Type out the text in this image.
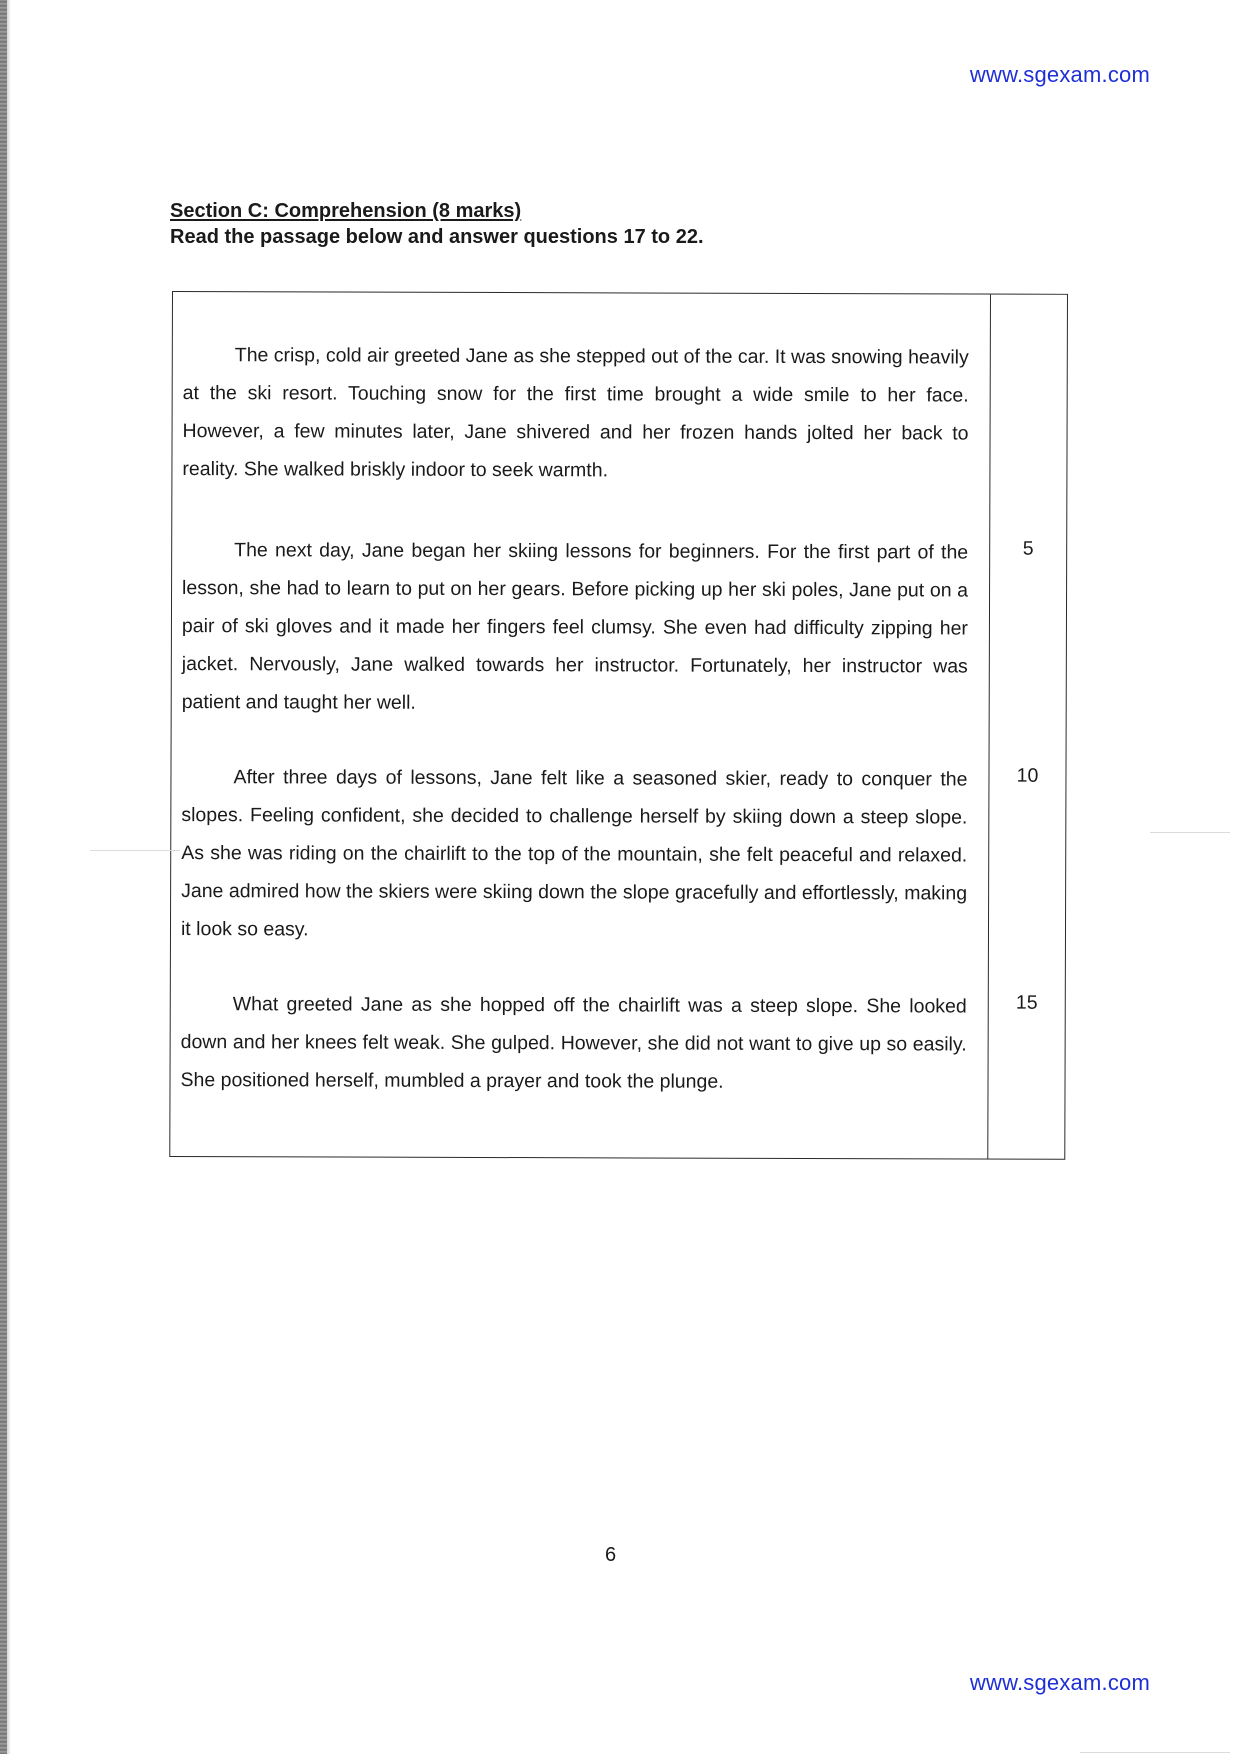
www.sgexam.com
Section C: Comprehension (8 marks)
Read the passage below and answer questions 17 to 22.

The crisp, cold air greeted Jane as she stepped out of the car. It was snowing heavily at the ski resort. Touching snow for the first time brought a wide smile to her face. However, a few minutes later, Jane shivered and her frozen hands jolted her back to reality. She walked briskly indoor to seek warmth.

The next day, Jane began her skiing lessons for beginners. For the first part of the lesson, she had to learn to put on her gears. Before picking up her ski poles, Jane put on a pair of ski gloves and it made her fingers feel clumsy. She even had difficulty zipping her jacket. Nervously, Jane walked towards her instructor. Fortunately, her instructor was patient and taught her well.

After three days of lessons, Jane felt like a seasoned skier, ready to conquer the slopes. Feeling confident, she decided to challenge herself by skiing down a steep slope. As she was riding on the chairlift to the top of the mountain, she felt peaceful and relaxed. Jane admired how the skiers were skiing down the slope gracefully and effortlessly, making it look so easy.

What greeted Jane as she hopped off the chairlift was a steep slope. She looked down and her knees felt weak. She gulped. However, she did not want to give up so easily. She positioned herself, mumbled a prayer and took the plunge.

5
10
15
6
www.sgexam.com
